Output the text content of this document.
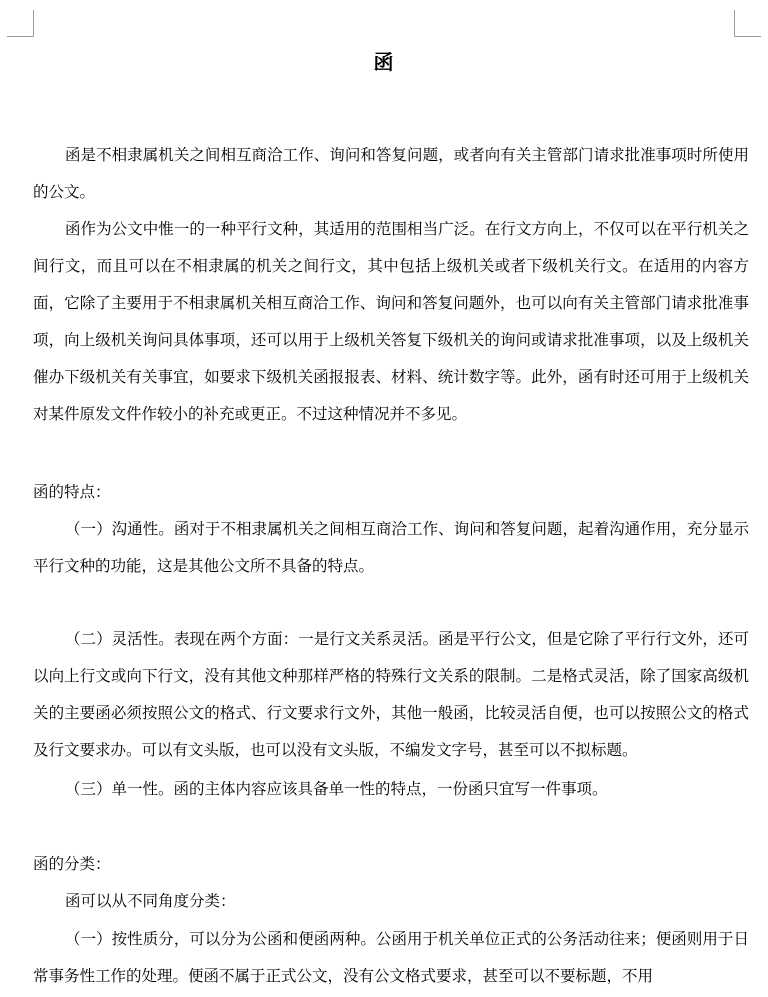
函
函是不相隶属机关之间相互商洽工作、询问和答复问题，或者向有关主管部门请求批准事项时所使用的公文。
函作为公文中惟一的一种平行文种，其适用的范围相当广泛。在行文方向上，不仅可以在平行机关之间行文，而且可以在不相隶属的机关之间行文，其中包括上级机关或者下级机关行文。在适用的内容方面，它除了主要用于不相隶属机关相互商洽工作、询问和答复问题外，也可以向有关主管部门请求批准事项，向上级机关询问具体事项，还可以用于上级机关答复下级机关的询问或请求批准事项，以及上级机关催办下级机关有关事宜，如要求下级机关函报报表、材料、统计数字等。此外，函有时还可用于上级机关对某件原发文件作较小的补充或更正。不过这种情况并不多见。
函的特点：
（一）沟通性。函对于不相隶属机关之间相互商洽工作、询问和答复问题，起着沟通作用，充分显示平行文种的功能，这是其他公文所不具备的特点。
（二）灵活性。表现在两个方面：一是行文关系灵活。函是平行公文，但是它除了平行行文外，还可以向上行文或向下行文，没有其他文种那样严格的特殊行文关系的限制。二是格式灵活，除了国家高级机关的主要函必须按照公文的格式、行文要求行文外，其他一般函，比较灵活自便，也可以按照公文的格式及行文要求办。可以有文头版，也可以没有文头版，不编发文字号，甚至可以不拟标题。
（三）单一性。函的主体内容应该具备单一性的特点，一份函只宜写一件事项。
函的分类：
函可以从不同角度分类：
（一）按性质分，可以分为公函和便函两种。公函用于机关单位正式的公务活动往来；便函则用于日常事务性工作的处理。便函不属于正式公文，没有公文格式要求，甚至可以不要标题，不用
